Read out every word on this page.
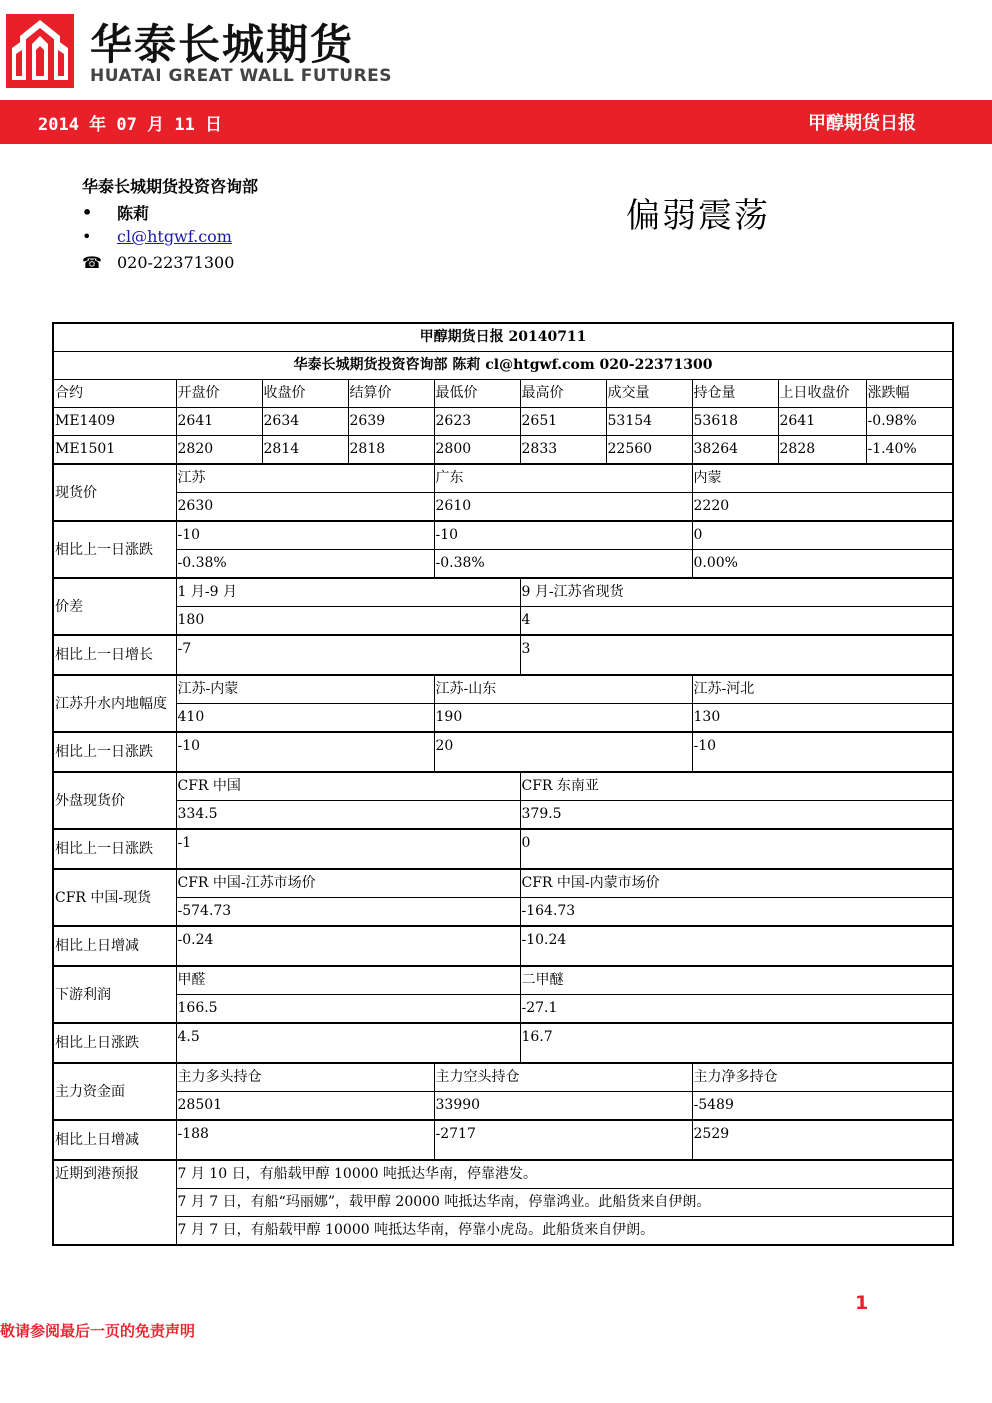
华泰长城期货
HUATAI GREAT WALL FUTURES
2014 年 07 月 11 日	甲醇期货日报
华泰长城期货投资咨询部
•	陈莉
•	cl@htgwf.com
☎ 020-22371300
偏弱震荡
甲醇期货日报 20140711									
华泰长城期货投资咨询部 陈莉 cl@htgwf.com 020-22371300									
合约	开盘价	收盘价	结算价	最低价	最高价	成交量	持仓量	上日收盘价	涨跌幅
ME1409	2641	2634	2639	2623	2651	53154	53618	2641	-0.98%
ME1501	2820	2814	2818	2800	2833	22560	38264	2828	-1.40%
现货价	江苏			广东			内蒙		
	2630			2610			2220		
相比上一日涨跌	-10			-10			0		
	-0.38%			-0.38%			0.00%		
价差	1 月-9 月				9 月-江苏省现货				
	180				4				
相比上一日增长	-7				3				
江苏升水内地幅度	江苏-内蒙			江苏-山东			江苏-河北		
	410			190			130		
相比上一日涨跌	-10			20			-10		
外盘现货价	CFR 中国				CFR 东南亚				
	334.5				379.5				
相比上一日涨跌	-1				0				
CFR 中国-现货	CFR 中国-江苏市场价				CFR 中国-内蒙市场价				
	-574.73				-164.73				
相比上日增减	-0.24				-10.24				
下游利润	甲醛				二甲醚				
	166.5				-27.1				
相比上日涨跌	4.5				16.7				
主力资金面	主力多头持仓			主力空头持仓			主力净多持仓		
	28501			33990			-5489		
相比上日增减	-188			-2717			2529		
近期到港预报	7 月 10 日，有船载甲醇 10000 吨抵达华南，停靠港发。								
	7 月 7 日，有船“玛丽娜”，载甲醇 20000 吨抵达华南，停靠鸿业。此船货来自伊朗。								
	7 月 7 日，有船载甲醇 10000 吨抵达华南，停靠小虎岛。此船货来自伊朗。								
1
敬请参阅最后一页的免责声明
